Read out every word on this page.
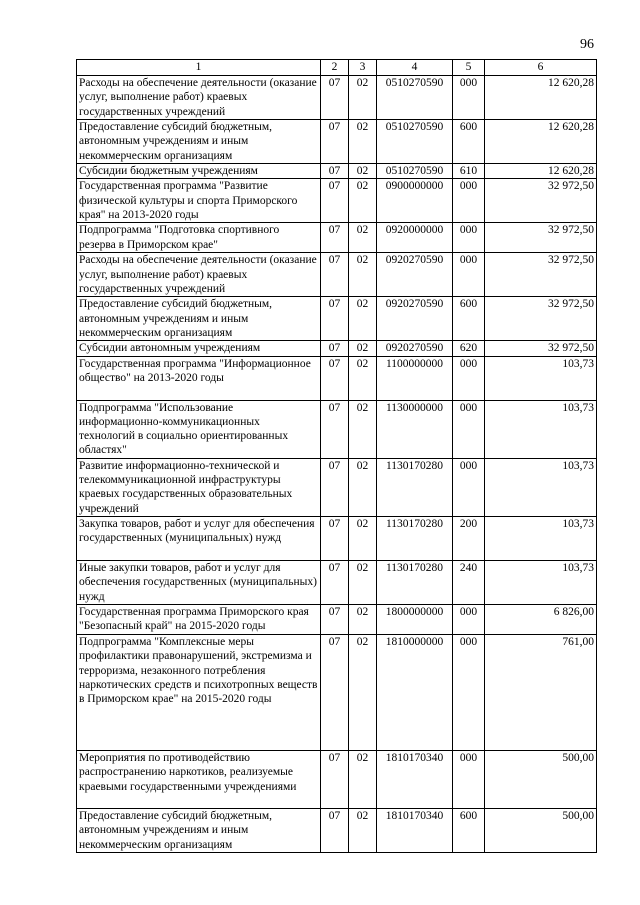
96
1	2	3	4	5	6
Расходы на обеспечение деятельности (оказание услуг, выполнение работ) краевых государственных учреждений	07	02	0510270590	000	12 620,28
Предоставление субсидий бюджетным, автономным учреждениям и иным некоммерческим организациям	07	02	0510270590	600	12 620,28
Субсидии бюджетным учреждениям	07	02	0510270590	610	12 620,28
Государственная программа "Развитие физической культуры и спорта Приморского края" на 2013-2020 годы	07	02	0900000000	000	32 972,50
Подпрограмма "Подготовка спортивного резерва в Приморском крае"	07	02	0920000000	000	32 972,50
Расходы на обеспечение деятельности (оказание услуг, выполнение работ) краевых государственных учреждений	07	02	0920270590	000	32 972,50
Предоставление субсидий бюджетным, автономным учреждениям и иным некоммерческим организациям	07	02	0920270590	600	32 972,50
Субсидии автономным учреждениям	07	02	0920270590	620	32 972,50
Государственная программа "Информационное общество" на 2013-2020 годы	07	02	1100000000	000	103,73
Подпрограмма "Использование информационно-коммуникационных технологий в социально ориентированных областях"	07	02	1130000000	000	103,73
Развитие информационно-технической и телекоммуникационной инфраструктуры краевых государственных образовательных учреждений	07	02	1130170280	000	103,73
Закупка товаров, работ и услуг для обеспечения государственных (муниципальных) нужд	07	02	1130170280	200	103,73
Иные закупки товаров, работ и услуг для обеспечения государственных (муниципальных) нужд	07	02	1130170280	240	103,73
Государственная программа Приморского края "Безопасный край" на 2015-2020 годы	07	02	1800000000	000	6 826,00
Подпрограмма "Комплексные меры профилактики правонарушений, экстремизма и терроризма, незаконного потребления наркотических средств и психотропных веществ в Приморском крае" на 2015-2020 годы	07	02	1810000000	000	761,00
Мероприятия по противодействию распространению наркотиков, реализуемые краевыми государственными учреждениями	07	02	1810170340	000	500,00
Предоставление субсидий бюджетным, автономным учреждениям и иным некоммерческим организациям	07	02	1810170340	600	500,00
